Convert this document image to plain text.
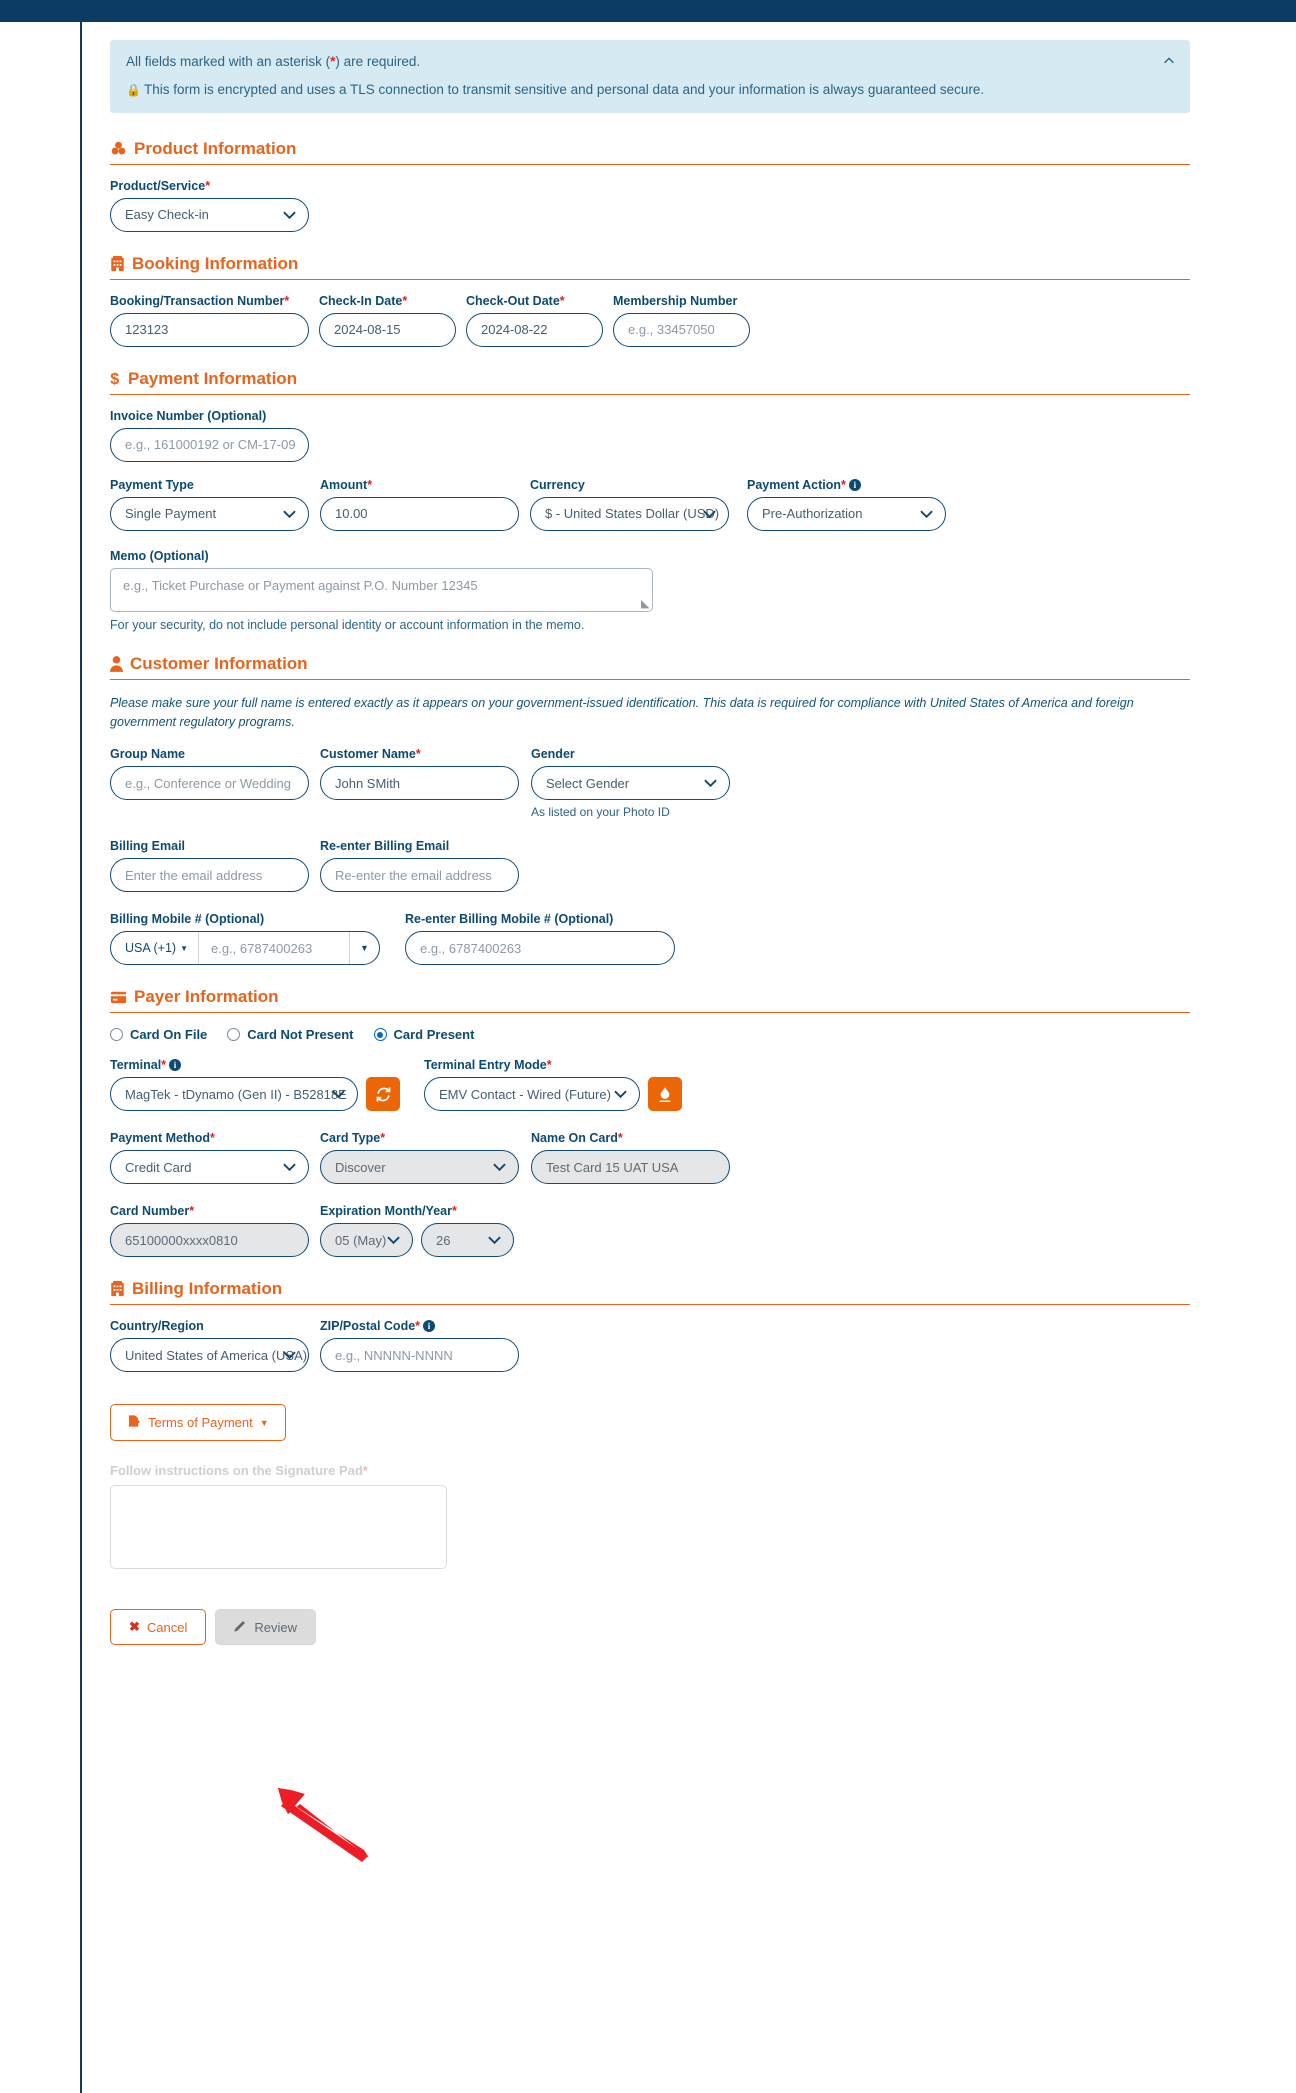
All fields marked with an asterisk (*) are required.
🔒 This form is encrypted and uses a TLS connection to transmit sensitive and personal data and your information is always guaranteed secure.
Product Information
Product/Service*
Easy Check-in
Booking Information
Booking/Transaction Number*
123123
Check-In Date*
2024-08-15
Check-Out Date*
2024-08-22
Membership Number
e.g., 33457050
$ Payment Information
Invoice Number (Optional)
e.g., 161000192 or CM-17-09
Payment Type
Single Payment
Amount*
10.00
Currency
$ - United States Dollar (USD)
Payment Action* i
Pre-Authorization
Memo (Optional)
e.g., Ticket Purchase or Payment against P.O. Number 12345
◢
For your security, do not include personal identity or account information in the memo.
Customer Information
Please make sure your full name is entered exactly as it appears on your government-issued identification. This data is required for compliance with United States of America and foreign government regulatory programs.
Group Name
e.g., Conference or Wedding
Customer Name*
John SMith
Gender
Select Gender
As listed on your Photo ID
Billing Email
Enter the email address
Re-enter Billing Email
Re-enter the email address
Billing Mobile # (Optional)
USA (+1) ▼ e.g., 6787400263	▼
Re-enter Billing Mobile # (Optional)
e.g., 6787400263
Payer Information
Card On File	Card Not Present	Card Present
Terminal* i
MagTek - tDynamo (Gen II) - B52818E
Terminal Entry Mode*
EMV Contact - Wired (Future)
Payment Method*
Credit Card
Card Type*
Discover
Name On Card*
Test Card 15 UAT USA
Card Number*
65100000xxxx0810
Expiration Month/Year*
05 (May)	26
Billing Information
Country/Region
United States of America (USA)
ZIP/Postal Code* i
e.g., NNNNN-NNNN
Terms of Payment ▼
Follow instructions on the Signature Pad*
✖ Cancel	Review
